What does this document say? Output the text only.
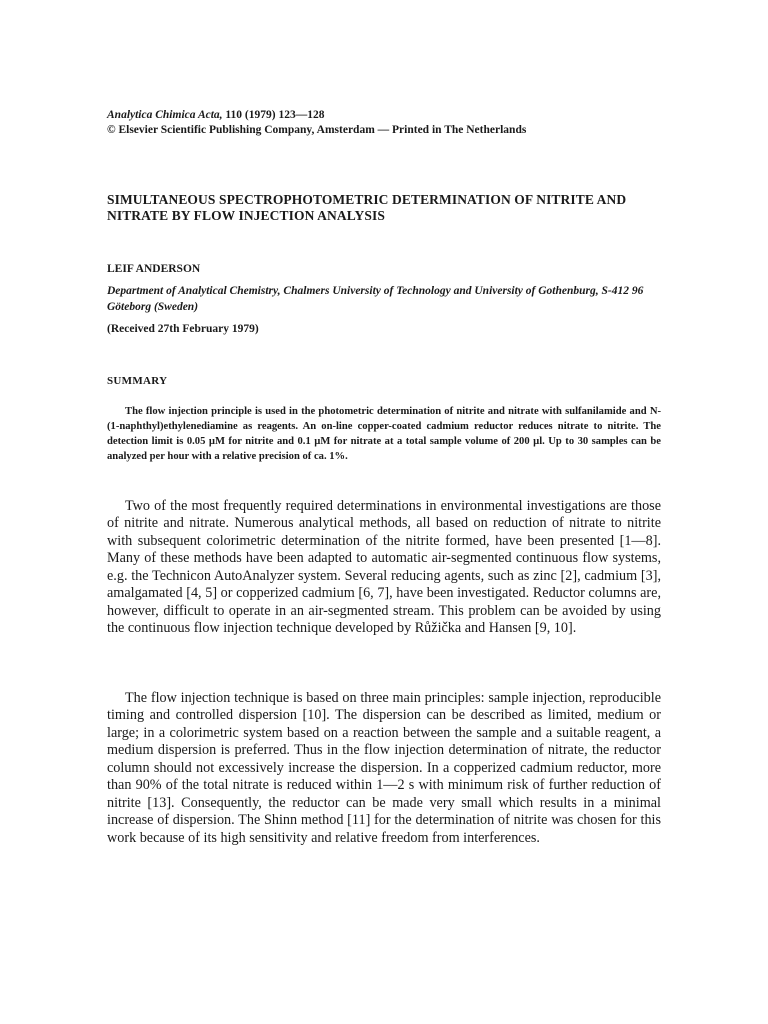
Analytica Chimica Acta, 110 (1979) 123—128
© Elsevier Scientific Publishing Company, Amsterdam — Printed in The Netherlands
SIMULTANEOUS SPECTROPHOTOMETRIC DETERMINATION OF NITRITE AND NITRATE BY FLOW INJECTION ANALYSIS
LEIF ANDERSON
Department of Analytical Chemistry, Chalmers University of Technology and University of Gothenburg, S-412 96 Göteborg (Sweden)
(Received 27th February 1979)
SUMMARY
The flow injection principle is used in the photometric determination of nitrite and nitrate with sulfanilamide and N-(1-naphthyl)ethylenediamine as reagents. An on-line copper-coated cadmium reductor reduces nitrate to nitrite. The detection limit is 0.05 µM for nitrite and 0.1 µM for nitrate at a total sample volume of 200 µl. Up to 30 samples can be analyzed per hour with a relative precision of ca. 1%.
Two of the most frequently required determinations in environmental investigations are those of nitrite and nitrate. Numerous analytical methods, all based on reduction of nitrate to nitrite with subsequent colorimetric determination of the nitrite formed, have been presented [1—8]. Many of these methods have been adapted to automatic air-segmented continuous flow systems, e.g. the Technicon AutoAnalyzer system. Several reducing agents, such as zinc [2], cadmium [3], amalgamated [4, 5] or copperized cadmium [6, 7], have been investigated. Reductor columns are, however, difficult to operate in an air-segmented stream. This problem can be avoided by using the continuous flow injection technique developed by Růžička and Hansen [9, 10].
The flow injection technique is based on three main principles: sample injection, reproducible timing and controlled dispersion [10]. The dispersion can be described as limited, medium or large; in a colorimetric system based on a reaction between the sample and a suitable reagent, a medium dispersion is preferred. Thus in the flow injection determination of nitrate, the reductor column should not excessively increase the dispersion. In a copperized cadmium reductor, more than 90% of the total nitrate is reduced within 1—2 s with minimum risk of further reduction of nitrite [13]. Consequently, the reductor can be made very small which results in a minimal increase of dispersion. The Shinn method [11] for the determination of nitrite was chosen for this work because of its high sensitivity and relative freedom from interferences.
